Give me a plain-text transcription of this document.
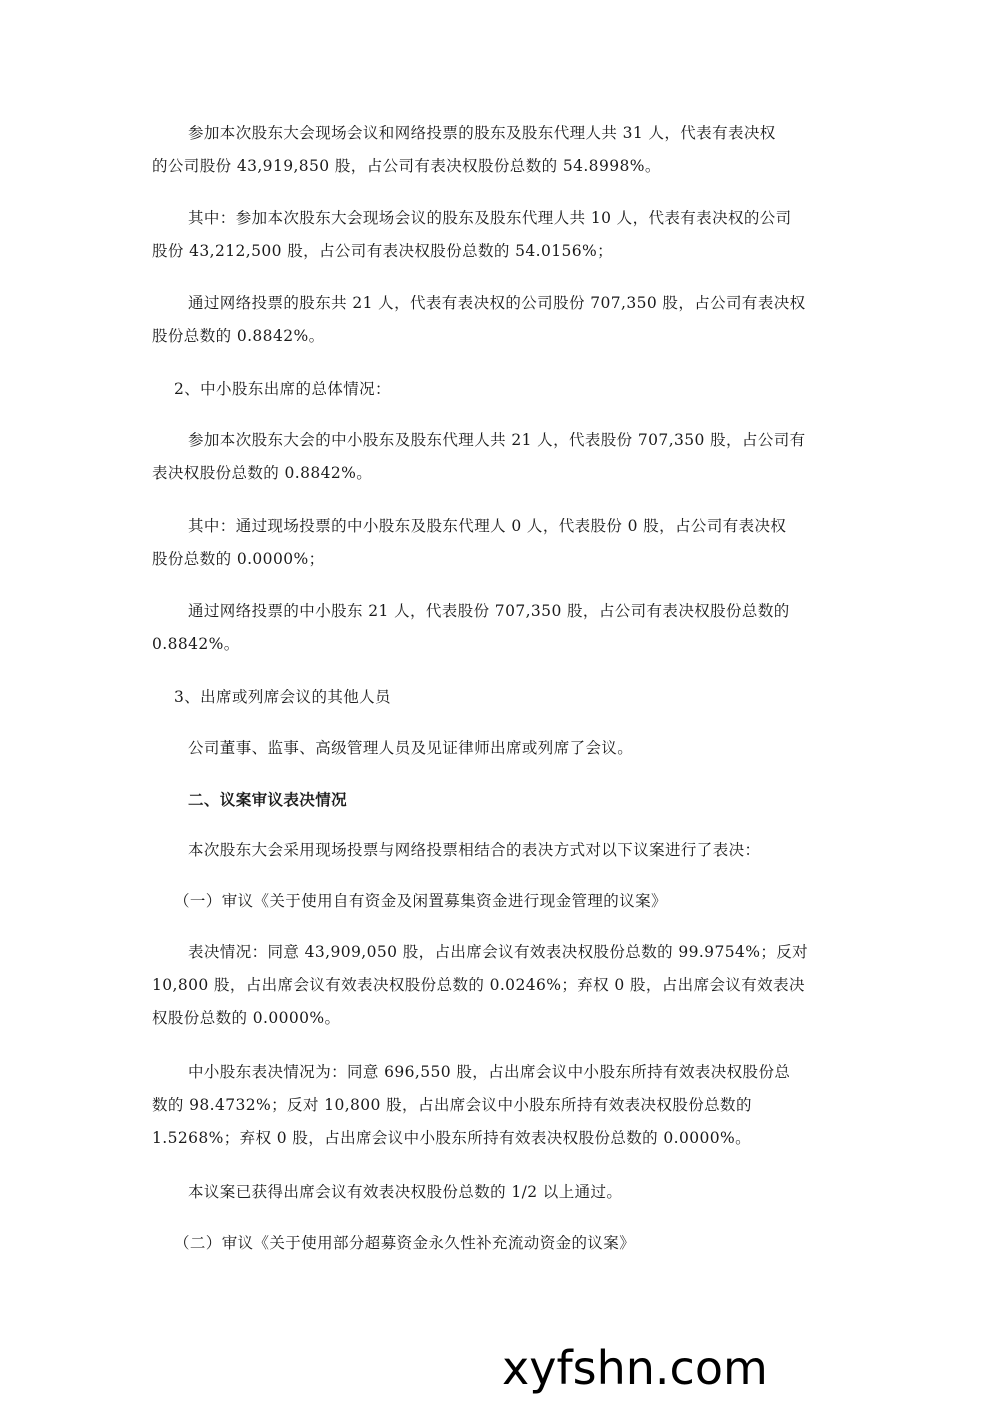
参加本次股东大会现场会议和网络投票的股东及股东代理人共 31 人，代表有表决权
的公司股份 43,919,850 股，占公司有表决权股份总数的 54.8998%。
其中：参加本次股东大会现场会议的股东及股东代理人共 10 人，代表有表决权的公司
股份 43,212,500 股，占公司有表决权股份总数的 54.0156%；
通过网络投票的股东共 21 人，代表有表决权的公司股份 707,350 股，占公司有表决权
股份总数的 0.8842%。
2、中小股东出席的总体情况：
参加本次股东大会的中小股东及股东代理人共 21 人，代表股份 707,350 股，占公司有
表决权股份总数的 0.8842%。
其中：通过现场投票的中小股东及股东代理人 0 人，代表股份 0 股，占公司有表决权
股份总数的 0.0000%；
通过网络投票的中小股东 21 人，代表股份 707,350 股，占公司有表决权股份总数的
0.8842%。
3、出席或列席会议的其他人员
公司董事、监事、高级管理人员及见证律师出席或列席了会议。
二、议案审议表决情况
本次股东大会采用现场投票与网络投票相结合的表决方式对以下议案进行了表决：
（一）审议《关于使用自有资金及闲置募集资金进行现金管理的议案》
表决情况：同意 43,909,050 股，占出席会议有效表决权股份总数的 99.9754%；反对
10,800 股，占出席会议有效表决权股份总数的 0.0246%；弃权 0 股，占出席会议有效表决
权股份总数的 0.0000%。
中小股东表决情况为：同意 696,550 股，占出席会议中小股东所持有效表决权股份总
数的 98.4732%；反对 10,800 股，占出席会议中小股东所持有效表决权股份总数的
1.5268%；弃权 0 股，占出席会议中小股东所持有效表决权股份总数的 0.0000%。
本议案已获得出席会议有效表决权股份总数的 1/2 以上通过。
（二）审议《关于使用部分超募资金永久性补充流动资金的议案》
xyfshn.com
